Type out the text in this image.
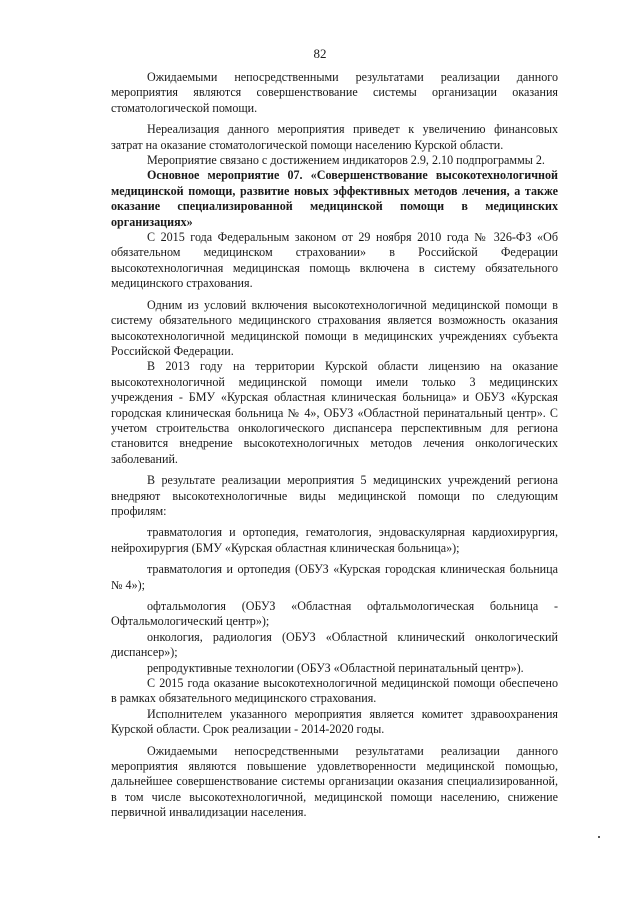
82

Ожидаемыми непосредственными результатами реализации данного мероприятия являются совершенствование системы организации оказания стоматологической помощи.

Нереализация данного мероприятия приведет к увеличению финансовых затрат на оказание стоматологической помощи населению Курской области.

Мероприятие связано с достижением индикаторов 2.9, 2.10 подпрограммы 2.

Основное мероприятие 07. «Совершенствование высокотехнологичной медицинской помощи, развитие новых эффективных методов лечения, а также оказание специализированной медицинской помощи в медицинских организациях»

С 2015 года Федеральным законом от 29 ноября 2010 года № 326-ФЗ «Об обязательном медицинском страховании» в Российской Федерации высокотехнологичная медицинская помощь включена в систему обязательного медицинского страхования.

Одним из условий включения высокотехнологичной медицинской помощи в систему обязательного медицинского страхования является возможность оказания высокотехнологичной медицинской помощи в медицинских учреждениях субъекта Российской Федерации.

В 2013 году на территории Курской области лицензию на оказание высокотехнологичной медицинской помощи имели только 3 медицинских учреждения - БМУ «Курская областная клиническая больница» и ОБУЗ «Курская городская клиническая больница № 4», ОБУЗ «Областной перинатальный центр». С учетом строительства онкологического диспансера перспективным для региона становится внедрение высокотехнологичных методов лечения онкологических заболеваний.

В результате реализации мероприятия 5 медицинских учреждений региона внедряют высокотехнологичные виды медицинской помощи по следующим профилям:

травматология и ортопедия, гематология, эндоваскулярная кардиохирургия, нейрохирургия (БМУ «Курская областная клиническая больница»);

травматология и ортопедия (ОБУЗ «Курская городская клиническая больница № 4»);

офтальмология (ОБУЗ «Областная офтальмологическая больница - Офтальмологический центр»);

онкология, радиология (ОБУЗ «Областной клинический онкологический диспансер»);

репродуктивные технологии (ОБУЗ «Областной перинатальный центр»).

С 2015 года оказание высокотехнологичной медицинской помощи обеспечено в рамках обязательного медицинского страхования.

Исполнителем указанного мероприятия является комитет здравоохранения Курской области. Срок реализации - 2014-2020 годы.

Ожидаемыми непосредственными результатами реализации данного мероприятия являются повышение удовлетворенности медицинской помощью, дальнейшее совершенствование системы организации оказания специализированной, в том числе высокотехнологичной, медицинской помощи населению, снижение первичной инвалидизации населения.
